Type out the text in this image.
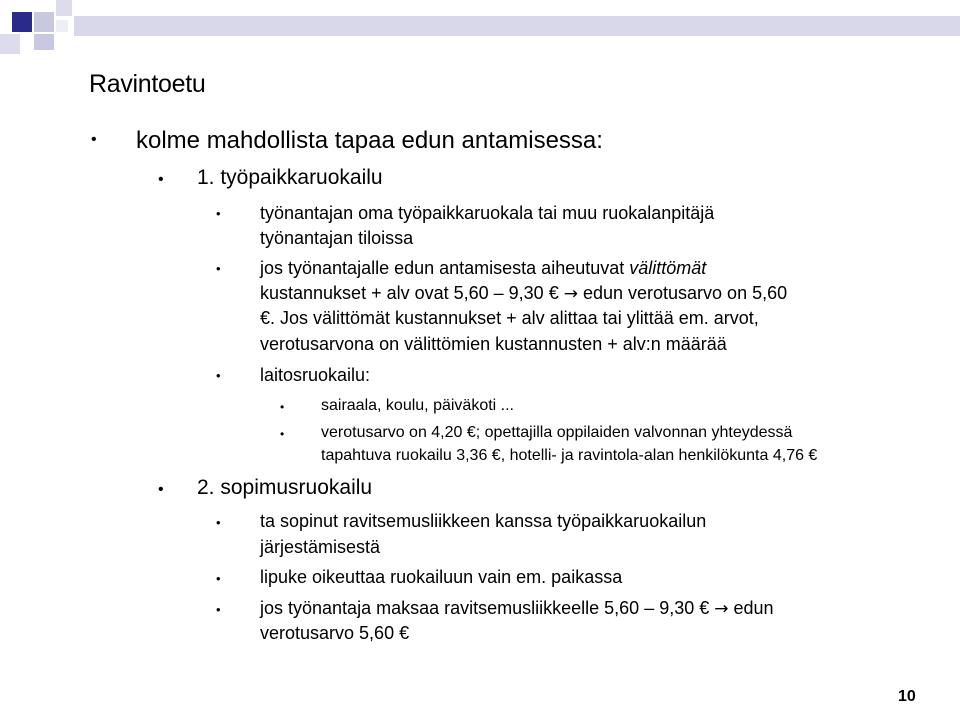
Ravintoetu
• kolme mahdollista tapaa edun antamisessa:
• 1. työpaikkaruokailu
• työnantajan oma työpaikkaruokala tai muu ruokalanpitäjä
työnantajan tiloissa
• jos työnantajalle edun antamisesta aiheutuvat välittömät
kustannukset + alv ovat 5,60 – 9,30 € → edun verotusarvo on 5,60
€. Jos välittömät kustannukset + alv alittaa tai ylittää em. arvot,
verotusarvona on välittömien kustannusten + alv:n määrää
• laitosruokailu:
• sairaala, koulu, päiväkoti ...
• verotusarvo on 4,20 €; opettajilla oppilaiden valvonnan yhteydessä
tapahtuva ruokailu 3,36 €, hotelli- ja ravintola-alan henkilökunta 4,76 €
• 2. sopimusruokailu
• ta sopinut ravitsemusliikkeen kanssa työpaikkaruokailun
järjestämisestä
• lipuke oikeuttaa ruokailuun vain em. paikassa
• jos työnantaja maksaa ravitsemusliikkeelle 5,60 – 9,30 € → edun
verotusarvo 5,60 €
10
